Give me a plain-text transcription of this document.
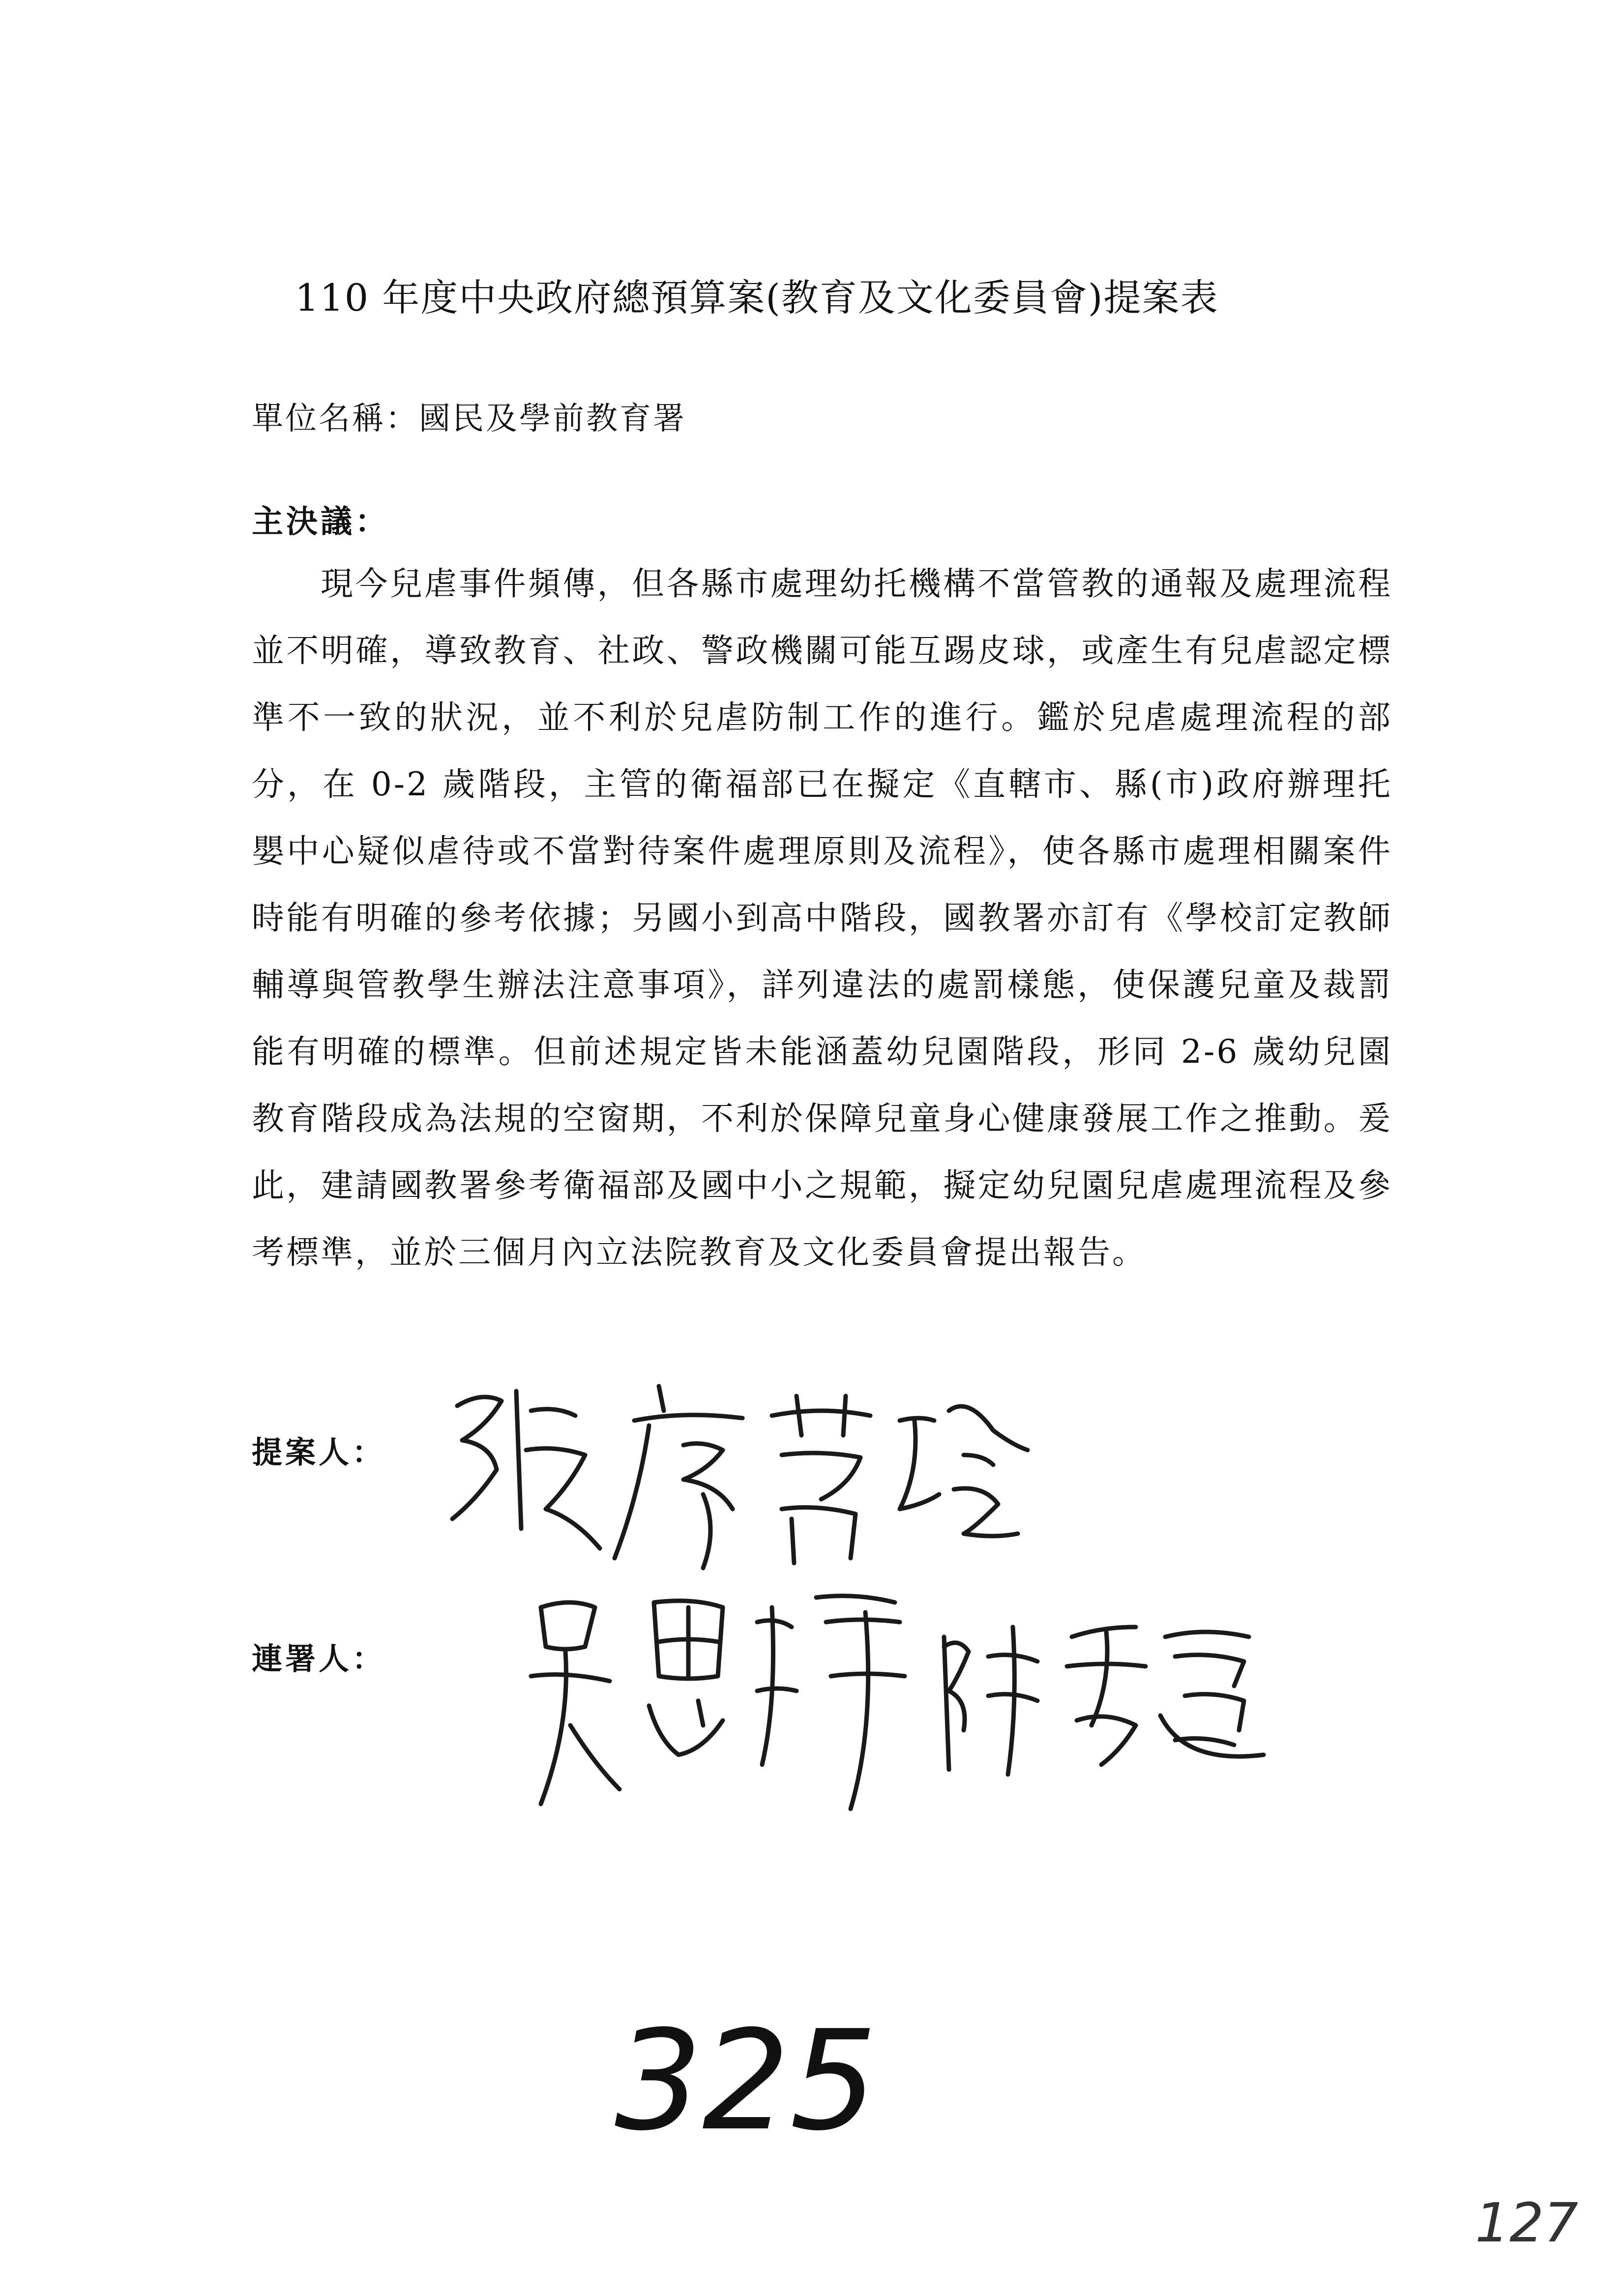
110 年度中央政府總預算案(教育及文化委員會)提案表
單位名稱：國民及學前教育署
主決議：
現今兒虐事件頻傳，但各縣市處理幼托機構不當管教的通報及處理流程並不明確，導致教育、社政、警政機關可能互踢皮球，或產生有兒虐認定標準不一致的狀況，並不利於兒虐防制工作的進行。鑑於兒虐處理流程的部分，在 0-2 歲階段，主管的衛福部已在擬定《直轄市、縣(市)政府辦理托嬰中心疑似虐待或不當對待案件處理原則及流程》，使各縣市處理相關案件時能有明確的參考依據；另國小到高中階段，國教署亦訂有《學校訂定教師輔導與管教學生辦法注意事項》，詳列違法的處罰樣態，使保護兒童及裁罰能有明確的標準。但前述規定皆未能涵蓋幼兒園階段，形同 2-6 歲幼兒園教育階段成為法規的空窗期，不利於保障兒童身心健康發展工作之推動。爰此，建請國教署參考衛福部及國中小之規範，擬定幼兒園兒虐處理流程及參考標準，並於三個月內立法院教育及文化委員會提出報告。
提案人：
連署人：
325
127
